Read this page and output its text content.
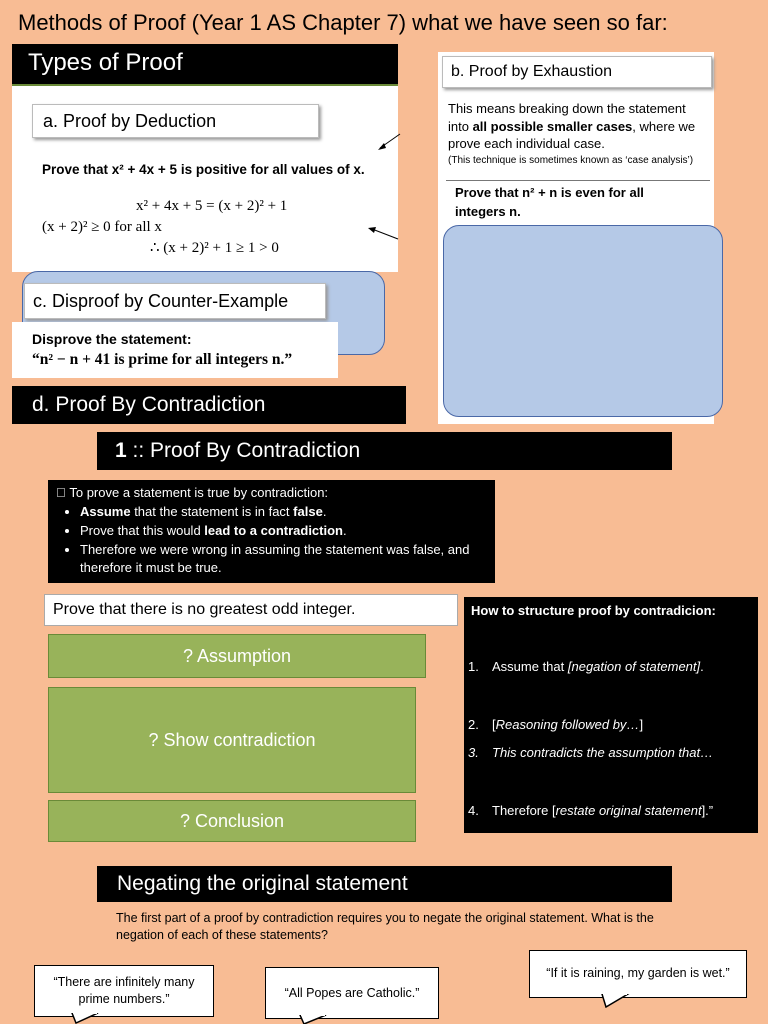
Methods of Proof (Year 1 AS Chapter 7) what we have seen so far:
Types of Proof
a. Proof by Deduction
Prove that x² + 4x + 5 is positive for all values of x.
x² + 4x + 5 = (x + 2)² + 1
(x + 2)² ≥ 0 for all x
∴ (x + 2)² + 1 ≥ 1 > 0
b. Proof by Exhaustion
This means breaking down the statement into all possible smaller cases, where we prove each individual case.
(This technique is sometimes known as ‘case analysis’)
Prove that n² + n is even for all integers n.
c. Disproof by Counter-Example
Disprove the statement:
“n² − n + 41 is prime for all integers n.”
d. Proof By Contradiction
1 :: Proof By Contradiction
󰀀 To prove a statement is true by contradiction:
• Assume that the statement is in fact false.
• Prove that this would lead to a contradiction.
• Therefore we were wrong in assuming the statement was false, and therefore it must be true.
Prove that there is no greatest odd integer.
? Assumption
? Show contradiction
? Conclusion
How to structure proof by contradicion:
1. Assume that [negation of statement].
2. [Reasoning followed by…]
3. This contradicts the assumption that…
4. Therefore [restate original statement].”
Negating the original statement
The first part of a proof by contradiction requires you to negate the original statement. What is the negation of each of these statements?
“There are infinitely many prime numbers.”	“All Popes are Catholic.”
“If it is raining, my garden is wet.”
